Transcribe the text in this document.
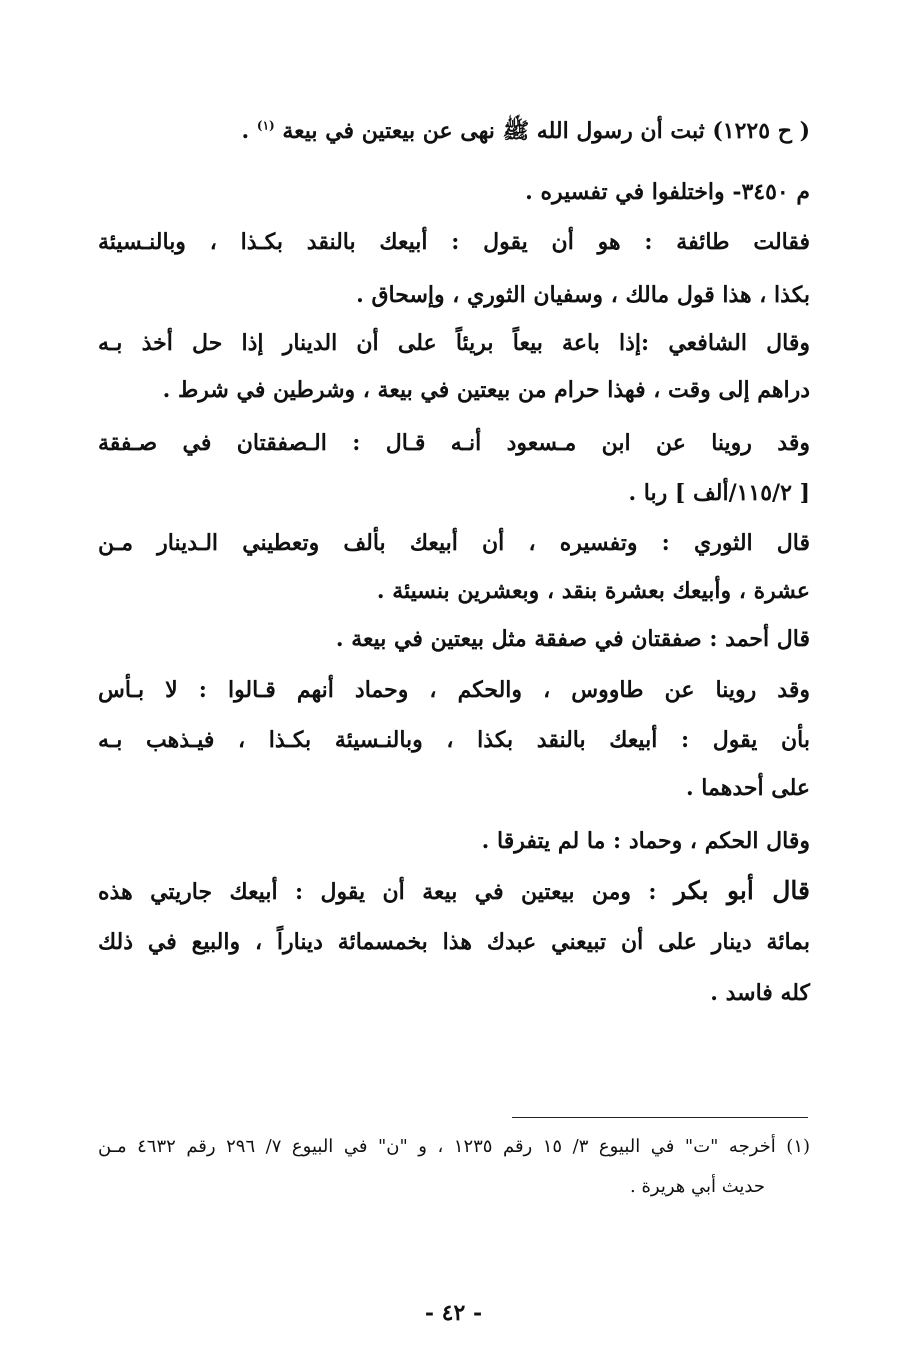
( ح ١٢٢٥) ثبت أن رسول الله ﷺ نهى عن بيعتين في بيعة $^{(١)}$ .
م ٣٤٥٠- واختلفوا في تفسيره .
فقالت طائفة : هو أن يقول : أبيعك بالنقد بكـذا ، وبالنـسيئة
بكذا ، هذا قول مالك ، وسفيان الثوري ، وإسحاق .
وقال الشافعي :إذا باعة بيعاً بريئاً على أن الدينار إذا حل أخذ بـه
دراهم إلى وقت ، فهذا حرام من بيعتين في بيعة ، وشرطين في شرط .
وقد روينا عن ابن مـسعود أنـه قـال : الـصفقتان في صـفقة
[ ١١٥/٢/ألف ] ربا .
قال الثوري : وتفسيره ، أن أبيعك بألف وتعطيني الـدينار مـن
عشرة ، وأبيعك بعشرة بنقد ، وبعشرين بنسيئة .
قال أحمد : صفقتان في صفقة مثل بيعتين في بيعة .
وقد روينا عن طاووس ، والحكم ، وحماد أنهم قـالوا : لا بـأس
بأن يقول : أبيعك بالنقد بكذا ، وبالنـسيئة بكـذا ، فيـذهب بـه
على أحدهما .
وقال الحكم ، وحماد : ما لم يتفرقا .
قال أبو بكر : ومن بيعتين في بيعة أن يقول : أبيعك جاريتي هذه
بمائة دينار على أن تبيعني عبدك هذا بخمسمائة ديناراً ، والبيع في ذلك
كله فاسد .
(١) أخرجه "ت" في البيوع ٣/ ١٥ رقم ١٢٣٥ ، و "ن" في البيوع ٧/ ٢٩٦ رقم ٤٦٣٢ مـن
حديث أبي هريرة .
- ٤٢ -
